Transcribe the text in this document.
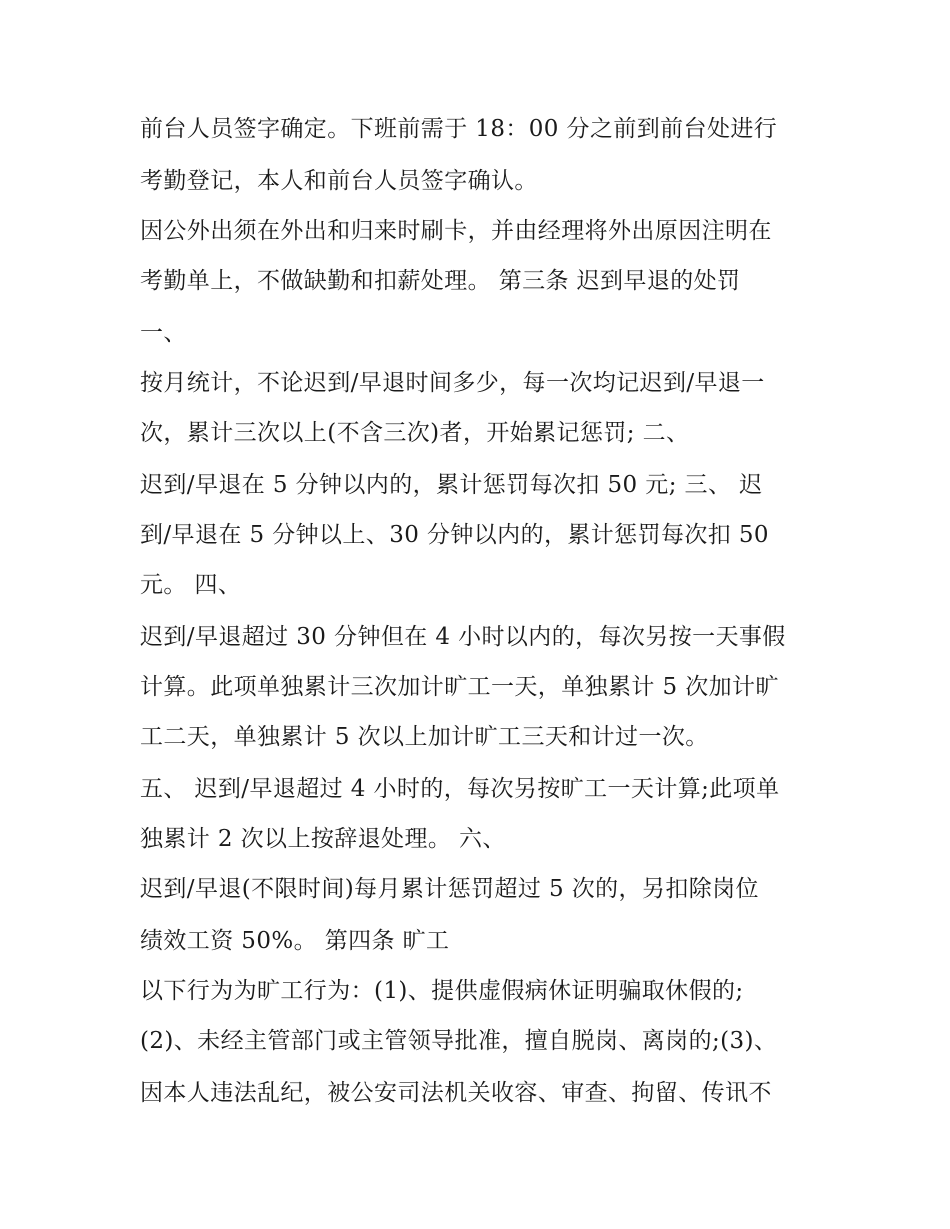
前台人员签字确定。下班前需于 18：00 分之前到前台处进行
考勤登记，本人和前台人员签字确认。
因公外出须在外出和归来时刷卡，并由经理将外出原因注明在
考勤单上，不做缺勤和扣薪处理。 第三条 迟到早退的处罚
一、
按月统计，不论迟到/早退时间多少，每一次均记迟到/早退一
次，累计三次以上(不含三次)者，开始累记惩罚; 二、
迟到/早退在 5 分钟以内的，累计惩罚每次扣 50 元; 三、 迟
到/早退在 5 分钟以上、30 分钟以内的，累计惩罚每次扣 50
元。 四、
迟到/早退超过 30 分钟但在 4 小时以内的，每次另按一天事假
计算。此项单独累计三次加计旷工一天，单独累计 5 次加计旷
工二天，单独累计 5 次以上加计旷工三天和计过一次。
五、 迟到/早退超过 4 小时的，每次另按旷工一天计算;此项单
独累计 2 次以上按辞退处理。 六、
迟到/早退(不限时间)每月累计惩罚超过 5 次的，另扣除岗位
绩效工资 50%。 第四条 旷工
以下行为为旷工行为：(1)、提供虚假病休证明骗取休假的;
(2)、未经主管部门或主管领导批准，擅自脱岗、离岗的;(3)、
因本人违法乱纪，被公安司法机关收容、审查、拘留、传讯不
